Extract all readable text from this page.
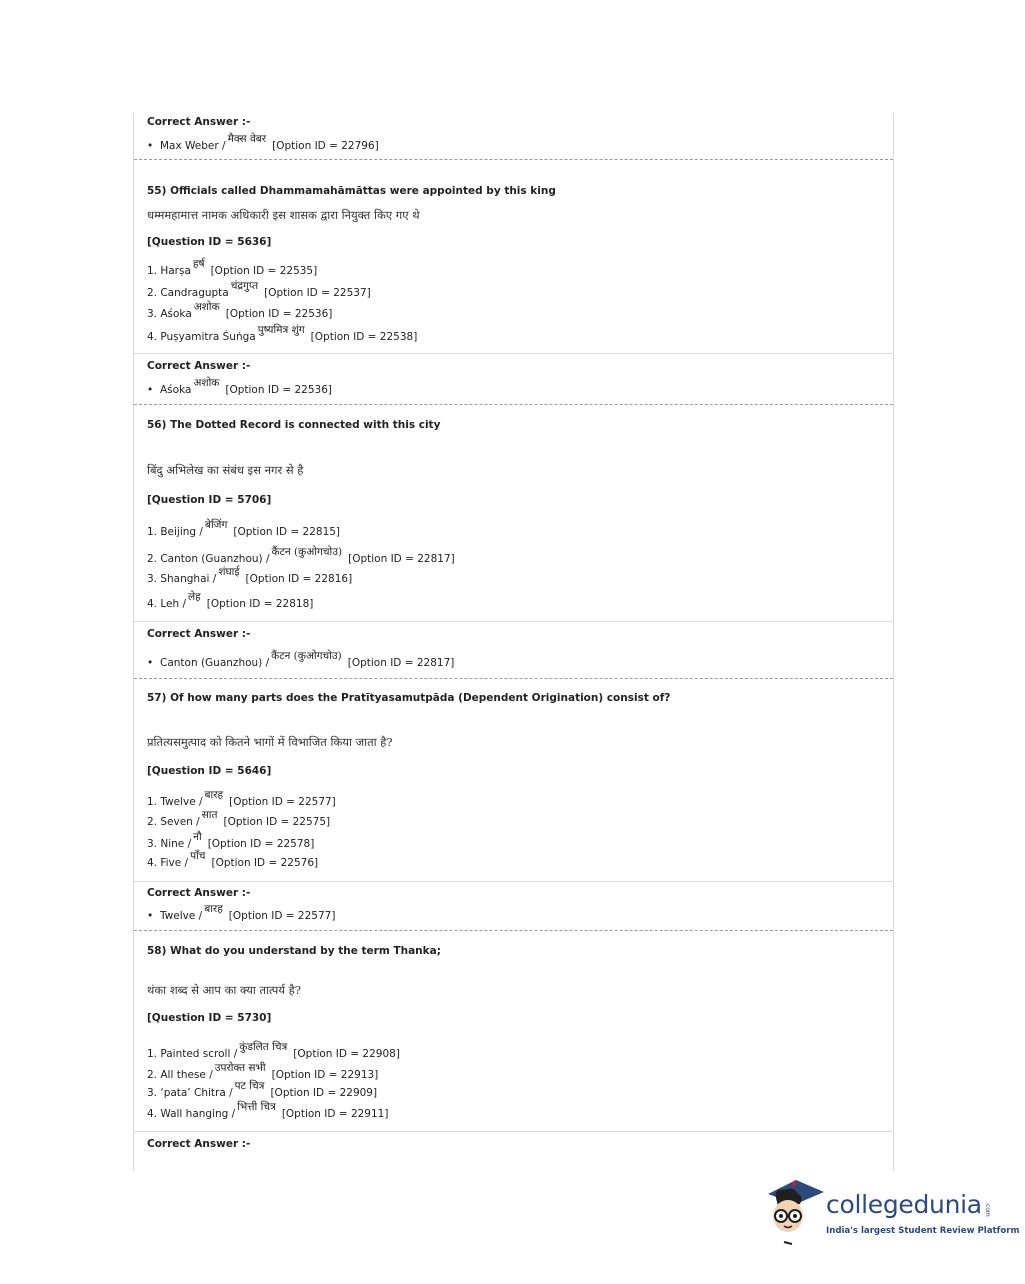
Correct Answer :-
• Max Weber /मैक्स वेबर[Option ID = 22796]
55) Officials called Dhammamahāmāttas were appointed by this king
धम्ममहामात्त नामक अधिकारी इस शासक द्वारा नियुक्त किए गए थे
[Question ID = 5636]
1. Harṣaहर्ष[Option ID = 22535]
2. Candraguptaचंद्रगुप्त[Option ID = 22537]
3. Aśokaअशोक[Option ID = 22536]
4. Puṣyamitra Śuṅgaपुष्यमित्र शुंग[Option ID = 22538]
Correct Answer :-
• Aśokaअशोक[Option ID = 22536]
56) The Dotted Record is connected with this city
बिंदु अभिलेख का संबंध इस नगर से है
[Question ID = 5706]
1. Beijing /बेजिंग[Option ID = 22815]
2. Canton (Guanzhou) /कैंटन (कुओगचोउ)[Option ID = 22817]
3. Shanghai /शंघाई[Option ID = 22816]
4. Leh /लेह[Option ID = 22818]
Correct Answer :-
• Canton (Guanzhou) /कैंटन (कुओगचोउ)[Option ID = 22817]
57) Of how many parts does the Pratītyasamutpāda (Dependent Origination) consist of?
प्रतित्यसमुत्पाद को कितने भागों में विभाजित किया जाता है?
[Question ID = 5646]
1. Twelve /बारह[Option ID = 22577]
2. Seven /सात[Option ID = 22575]
3. Nine /नौ[Option ID = 22578]
4. Five /पाँच[Option ID = 22576]
Correct Answer :-
• Twelve /बारह[Option ID = 22577]
58) What do you understand by the term Thanka;
थंका शब्द से आप का क्या तात्पर्य है?
[Question ID = 5730]
1. Painted scroll /कुंडलित चित्र[Option ID = 22908]
2. All these /उपरोक्त सभी[Option ID = 22913]
3. ‘pata’ Chitra /पट चित्र[Option ID = 22909]
4. Wall hanging /भित्ती चित्र[Option ID = 22911]
Correct Answer :-
collegedunia .com
India's largest Student Review Platform
